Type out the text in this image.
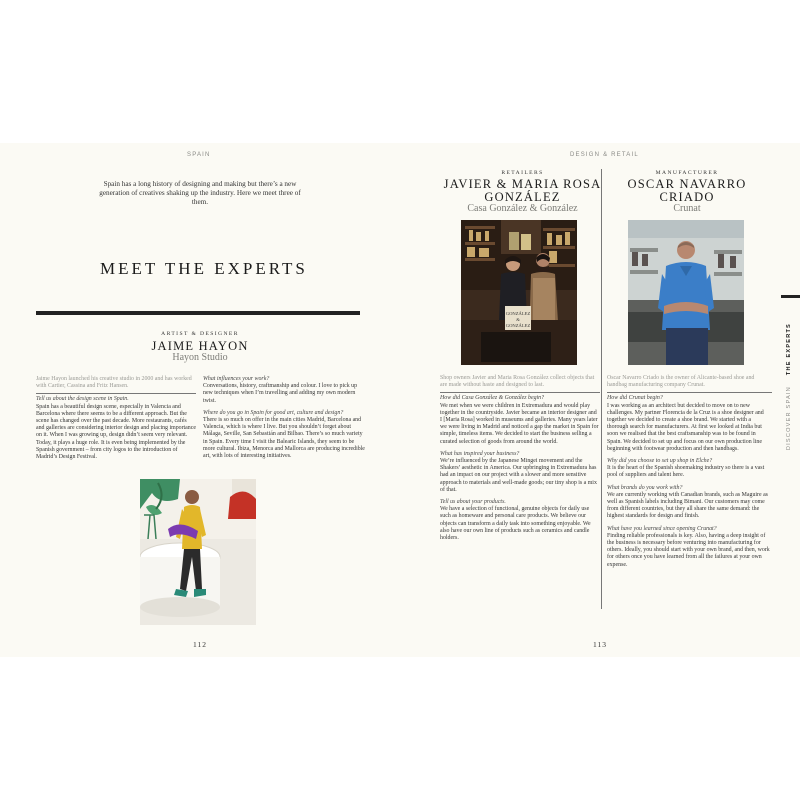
SPAIN
Spain has a long history of designing and making but there’s a new generation of creatives shaking up the industry. Here we meet three of them.
MEET THE EXPERTS
ARTIST & DESIGNER
JAIME HAYON
Hayon Studio

Jaime Hayon launched his creative studio in 2000 and has worked with Cartier, Cassina and Fritz Hansen.

Tell us about the design scene in Spain.

Spain has a beautiful design scene, especially in Valencia and Barcelona where there seems to be a different approach. But the scene has changed over the past decade. More restaurants, cafés and galleries are considering interior design and placing importance on it. When I was growing up, design didn’t seem very relevant. Today, it plays a huge role. It is even being implemented by the Spanish government – from city logos to the introduction of Madrid’s Design Festival.

What influences your work?

Conversations, history, craftmanship and colour. I love to pick up new techniques when I’m travelling and adding my own modern twist.

Where do you go in Spain for good art, culture and design?

There is so much on offer in the main cities Madrid, Barcelona and Valencia, which is where I live. But you shouldn’t forget about Málaga, Seville, San Sebastián and Bilbao. There’s so much variety in Spain. Every time I visit the Balearic Islands, they seem to be more cultural. Ibiza, Menorca and Mallorca are producing incredible art, with lots of interesting initiatives.

112
DESIGN & RETAIL
RETAILERS
JAVIER & MARIA ROSA
GONZÁLEZ
Casa González & González
GONZÁLEZ
&
GONZÁLEZ

Shop owners Javier and Maria Rosa González collect objects that are made without haste and designed to last.

How did Casa González & González begin?

We met when we were children in Extremadura and would play together in the countryside. Javier became an interior designer and I [Maria Rosa] worked in museums and galleries. Many years later we were living in Madrid and noticed a gap the market in Spain for simple, timeless items. We decided to start the business selling a curated selection of goods from around the world.

What has inspired your business?

We’re influenced by the Japanese Mingei movement and the Shakers’ aesthetic in America. Our upbringing in Extremadura has had an impact on our project with a slower and more sensitive approach to materials and well-made goods; our tiny shop is a mix of that.

Tell us about your products.

We have a selection of functional, genuine objects for daily use such as homeware and personal care products. We believe our objects can transform a daily task into something enjoyable. We also have our own line of products such as ceramics and candle holders.

MANUFACTURER
OSCAR NAVARRO
CRIADO
Crunat

Oscar Navarro Criado is the owner of Alicante-based shoe and handbag manufacturing company Crunat.

How did Crunat begin?

I was working as an architect but decided to move on to new challenges. My partner Florencia de la Cruz is a shoe designer and together we decided to create a shoe brand. We started with a thorough search for manufacturers. At first we looked at India but soon we realised that the best craftsmanship was to be found in Spain. We decided to set up and focus on our own production line beginning with footwear production and then handbags.

Why did you choose to set up shop in Elche?

It is the heart of the Spanish shoemaking industry so there is a vast pool of suppliers and talent here.

What brands do you work with?

We are currently working with Canadian brands, such as Maguire as well as Spanish labels including Bimani. Our customers may come from different countries, but they all share the same demand: the highest standards for design and finish.

What have you learned since opening Crunat?

Finding reliable professionals is key. Also, having a deep insight of the business is necessary before venturing into manufacturing for others. Ideally, you should start with your own brand, and then, work for others once you have learned from all the failures at your own expense.

113
DISCOVER SPAIN    THE EXPERTS
